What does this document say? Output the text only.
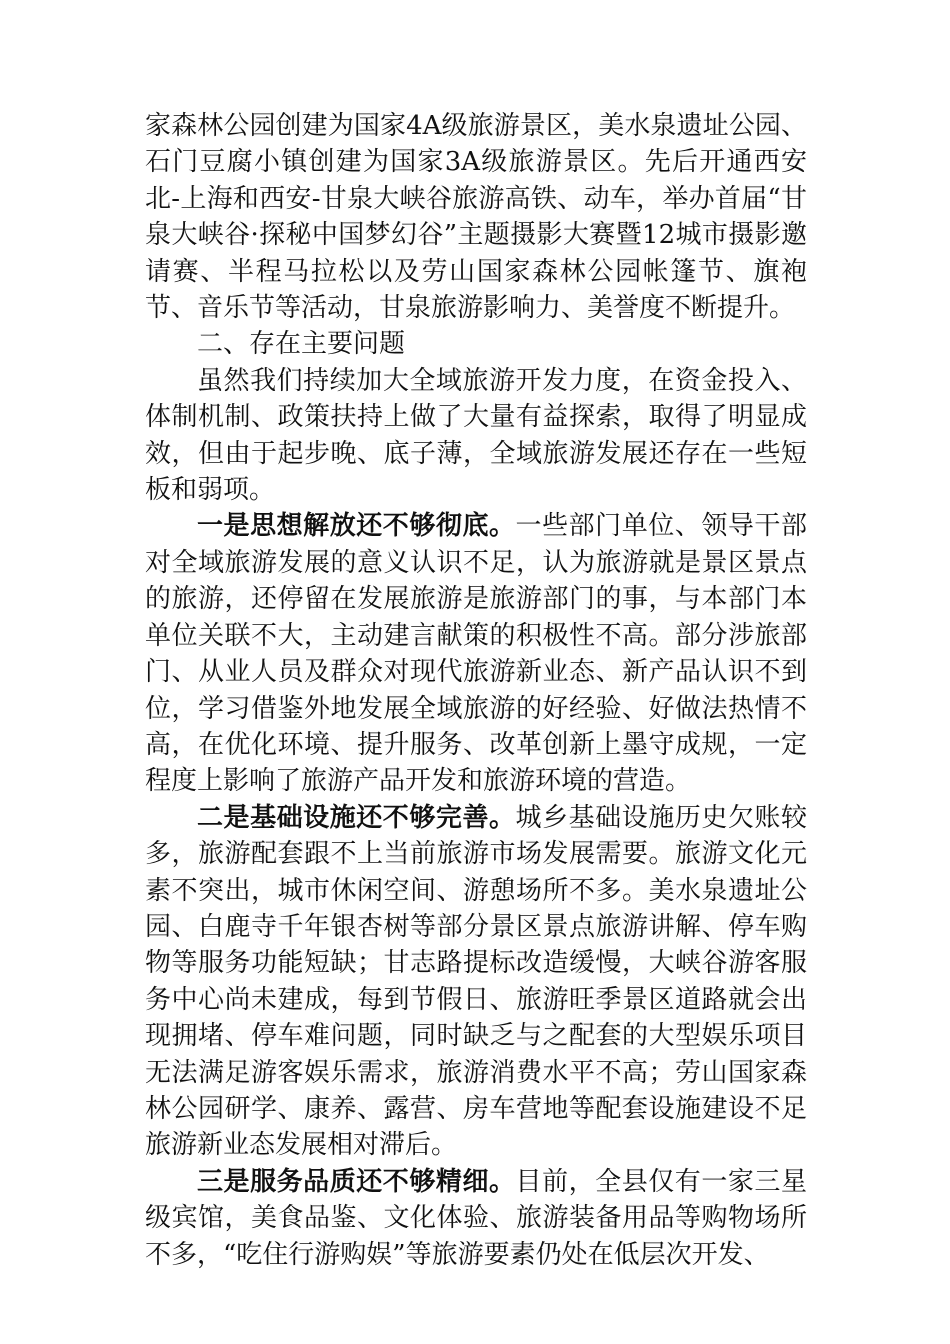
家森林公园创建为国家4A级旅游景区，美水泉遗址公园、石门豆腐小镇创建为国家3A级旅游景区。先后开通西安北-上海和西安-甘泉大峡谷旅游高铁、动车，举办首届“甘泉大峡谷·探秘中国梦幻谷”主题摄影大赛暨12城市摄影邀请赛、半程马拉松以及劳山国家森林公园帐篷节、旗袍节、音乐节等活动，甘泉旅游影响力、美誉度不断提升。

二、存在主要问题

虽然我们持续加大全域旅游开发力度，在资金投入、体制机制、政策扶持上做了大量有益探索，取得了明显成效，但由于起步晚、底子薄，全域旅游发展还存在一些短板和弱项。

一是思想解放还不够彻底。一些部门单位、领导干部对全域旅游发展的意义认识不足，认为旅游就是景区景点的旅游，还停留在发展旅游是旅游部门的事，与本部门本单位关联不大，主动建言献策的积极性不高。部分涉旅部门、从业人员及群众对现代旅游新业态、新产品认识不到位，学习借鉴外地发展全域旅游的好经验、好做法热情不高，在优化环境、提升服务、改革创新上墨守成规，一定程度上影响了旅游产品开发和旅游环境的营造。

二是基础设施还不够完善。城乡基础设施历史欠账较多，旅游配套跟不上当前旅游市场发展需要。旅游文化元素不突出，城市休闲空间、游憩场所不多。美水泉遗址公园、白鹿寺千年银杏树等部分景区景点旅游讲解、停车购物等服务功能短缺；甘志路提标改造缓慢，大峡谷游客服务中心尚未建成，每到节假日、旅游旺季景区道路就会出现拥堵、停车难问题，同时缺乏与之配套的大型娱乐项目无法满足游客娱乐需求，旅游消费水平不高；劳山国家森林公园研学、康养、露营、房车营地等配套设施建设不足旅游新业态发展相对滞后。

三是服务品质还不够精细。目前，全县仅有一家三星级宾馆，美食品鉴、文化体验、旅游装备用品等购物场所不多，“吃住行游购娱”等旅游要素仍处在低层次开发、
